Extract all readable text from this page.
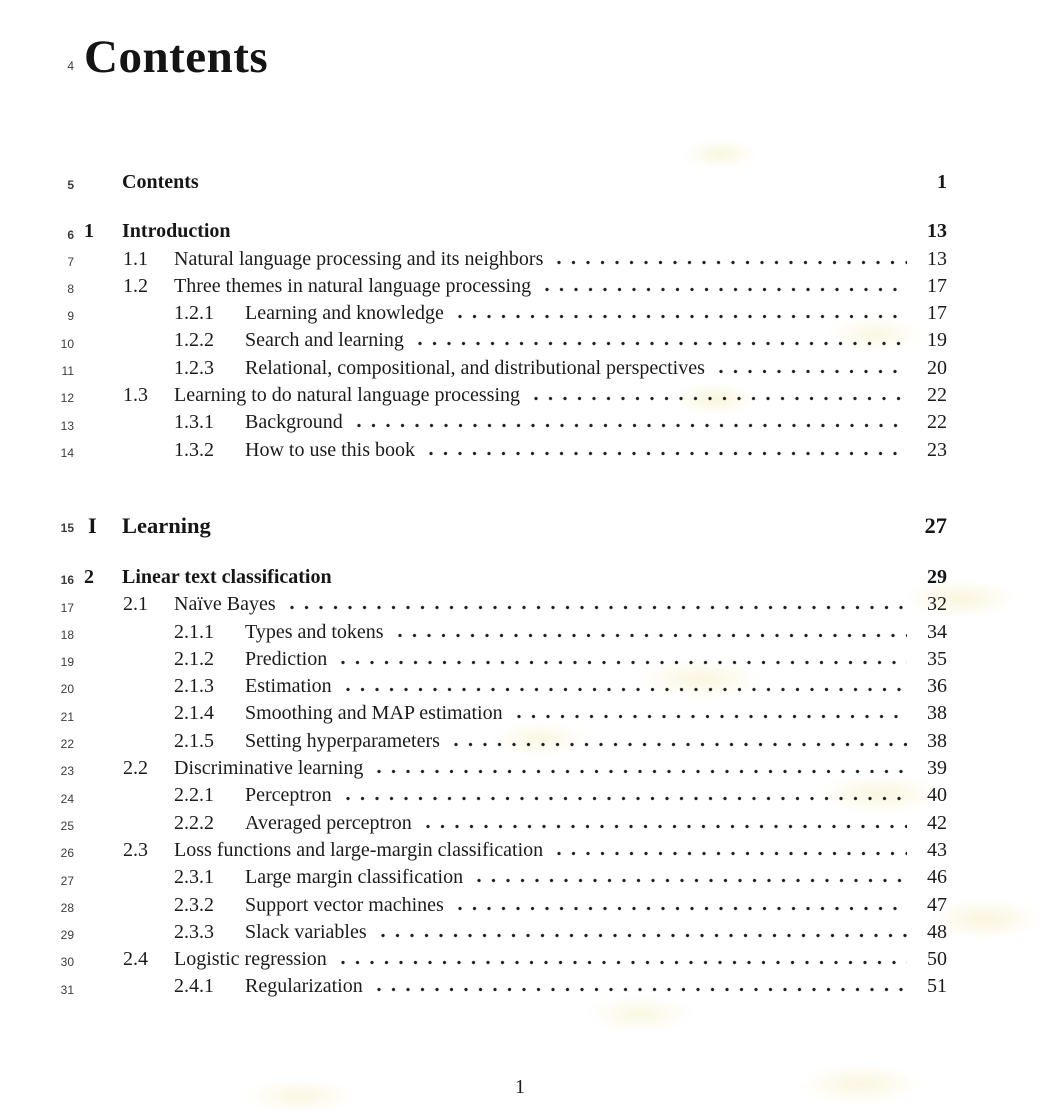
4 Contents
5 Contents	1
6 1	Introduction	13
7 1.1	Natural language processing and its neighbors	13
8 1.2	Three themes in natural language processing	17
9	1.2.1	Learning and knowledge	17
10	1.2.2	Search and learning	19
11	1.2.3	Relational, compositional, and distributional perspectives	20
12 1.3	Learning to do natural language processing	22
13	1.3.1	Background	22
14	1.3.2	How to use this book	23
15 I	Learning	27
16 2	Linear text classification	29
17 2.1	Naïve Bayes	32
18	2.1.1	Types and tokens	34
19	2.1.2	Prediction	35
20	2.1.3	Estimation	36
21	2.1.4	Smoothing and MAP estimation	38
22	2.1.5	Setting hyperparameters	38
23 2.2	Discriminative learning	39
24	2.2.1	Perceptron	40
25	2.2.2	Averaged perceptron	42
26 2.3	Loss functions and large-margin classification	43
27	2.3.1	Large margin classification	46
28	2.3.2	Support vector machines	47
29	2.3.3	Slack variables	48
30 2.4	Logistic regression	50
31	2.4.1	Regularization	51
1
